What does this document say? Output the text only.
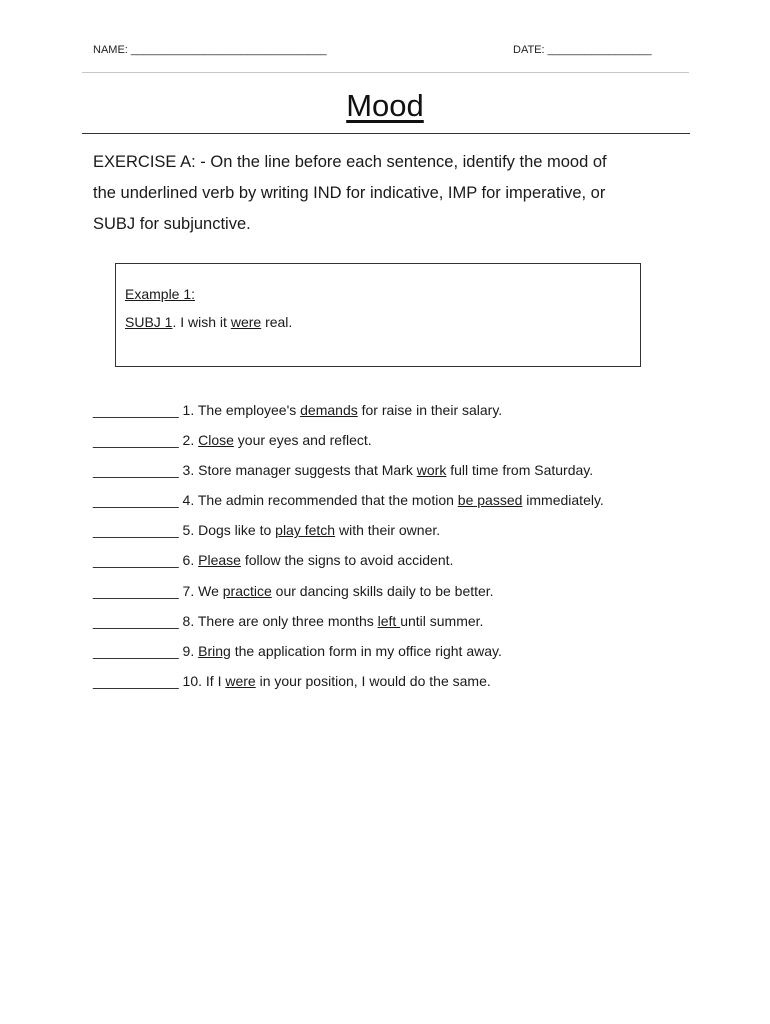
NAME: ________________________________	DATE: _________________
Mood

EXERCISE A: - On the line before each sentence, identify the mood of

the underlined verb by writing IND for indicative, IMP for imperative, or

SUBJ for subjunctive.

Example 1:
SUBJ 1. I wish it were real.
___________ 1. The employee's demands for raise in their salary.
___________ 2. Close your eyes and reflect.
___________ 3. Store manager suggests that Mark work full time from Saturday.
___________ 4. The admin recommended that the motion be passed immediately.
___________ 5. Dogs like to play fetch with their owner.
___________ 6. Please follow the signs to avoid accident.
___________ 7. We practice our dancing skills daily to be better.
___________ 8. There are only three months left until summer.
___________ 9. Bring the application form in my office right away.
___________ 10. If I were in your position, I would do the same.
